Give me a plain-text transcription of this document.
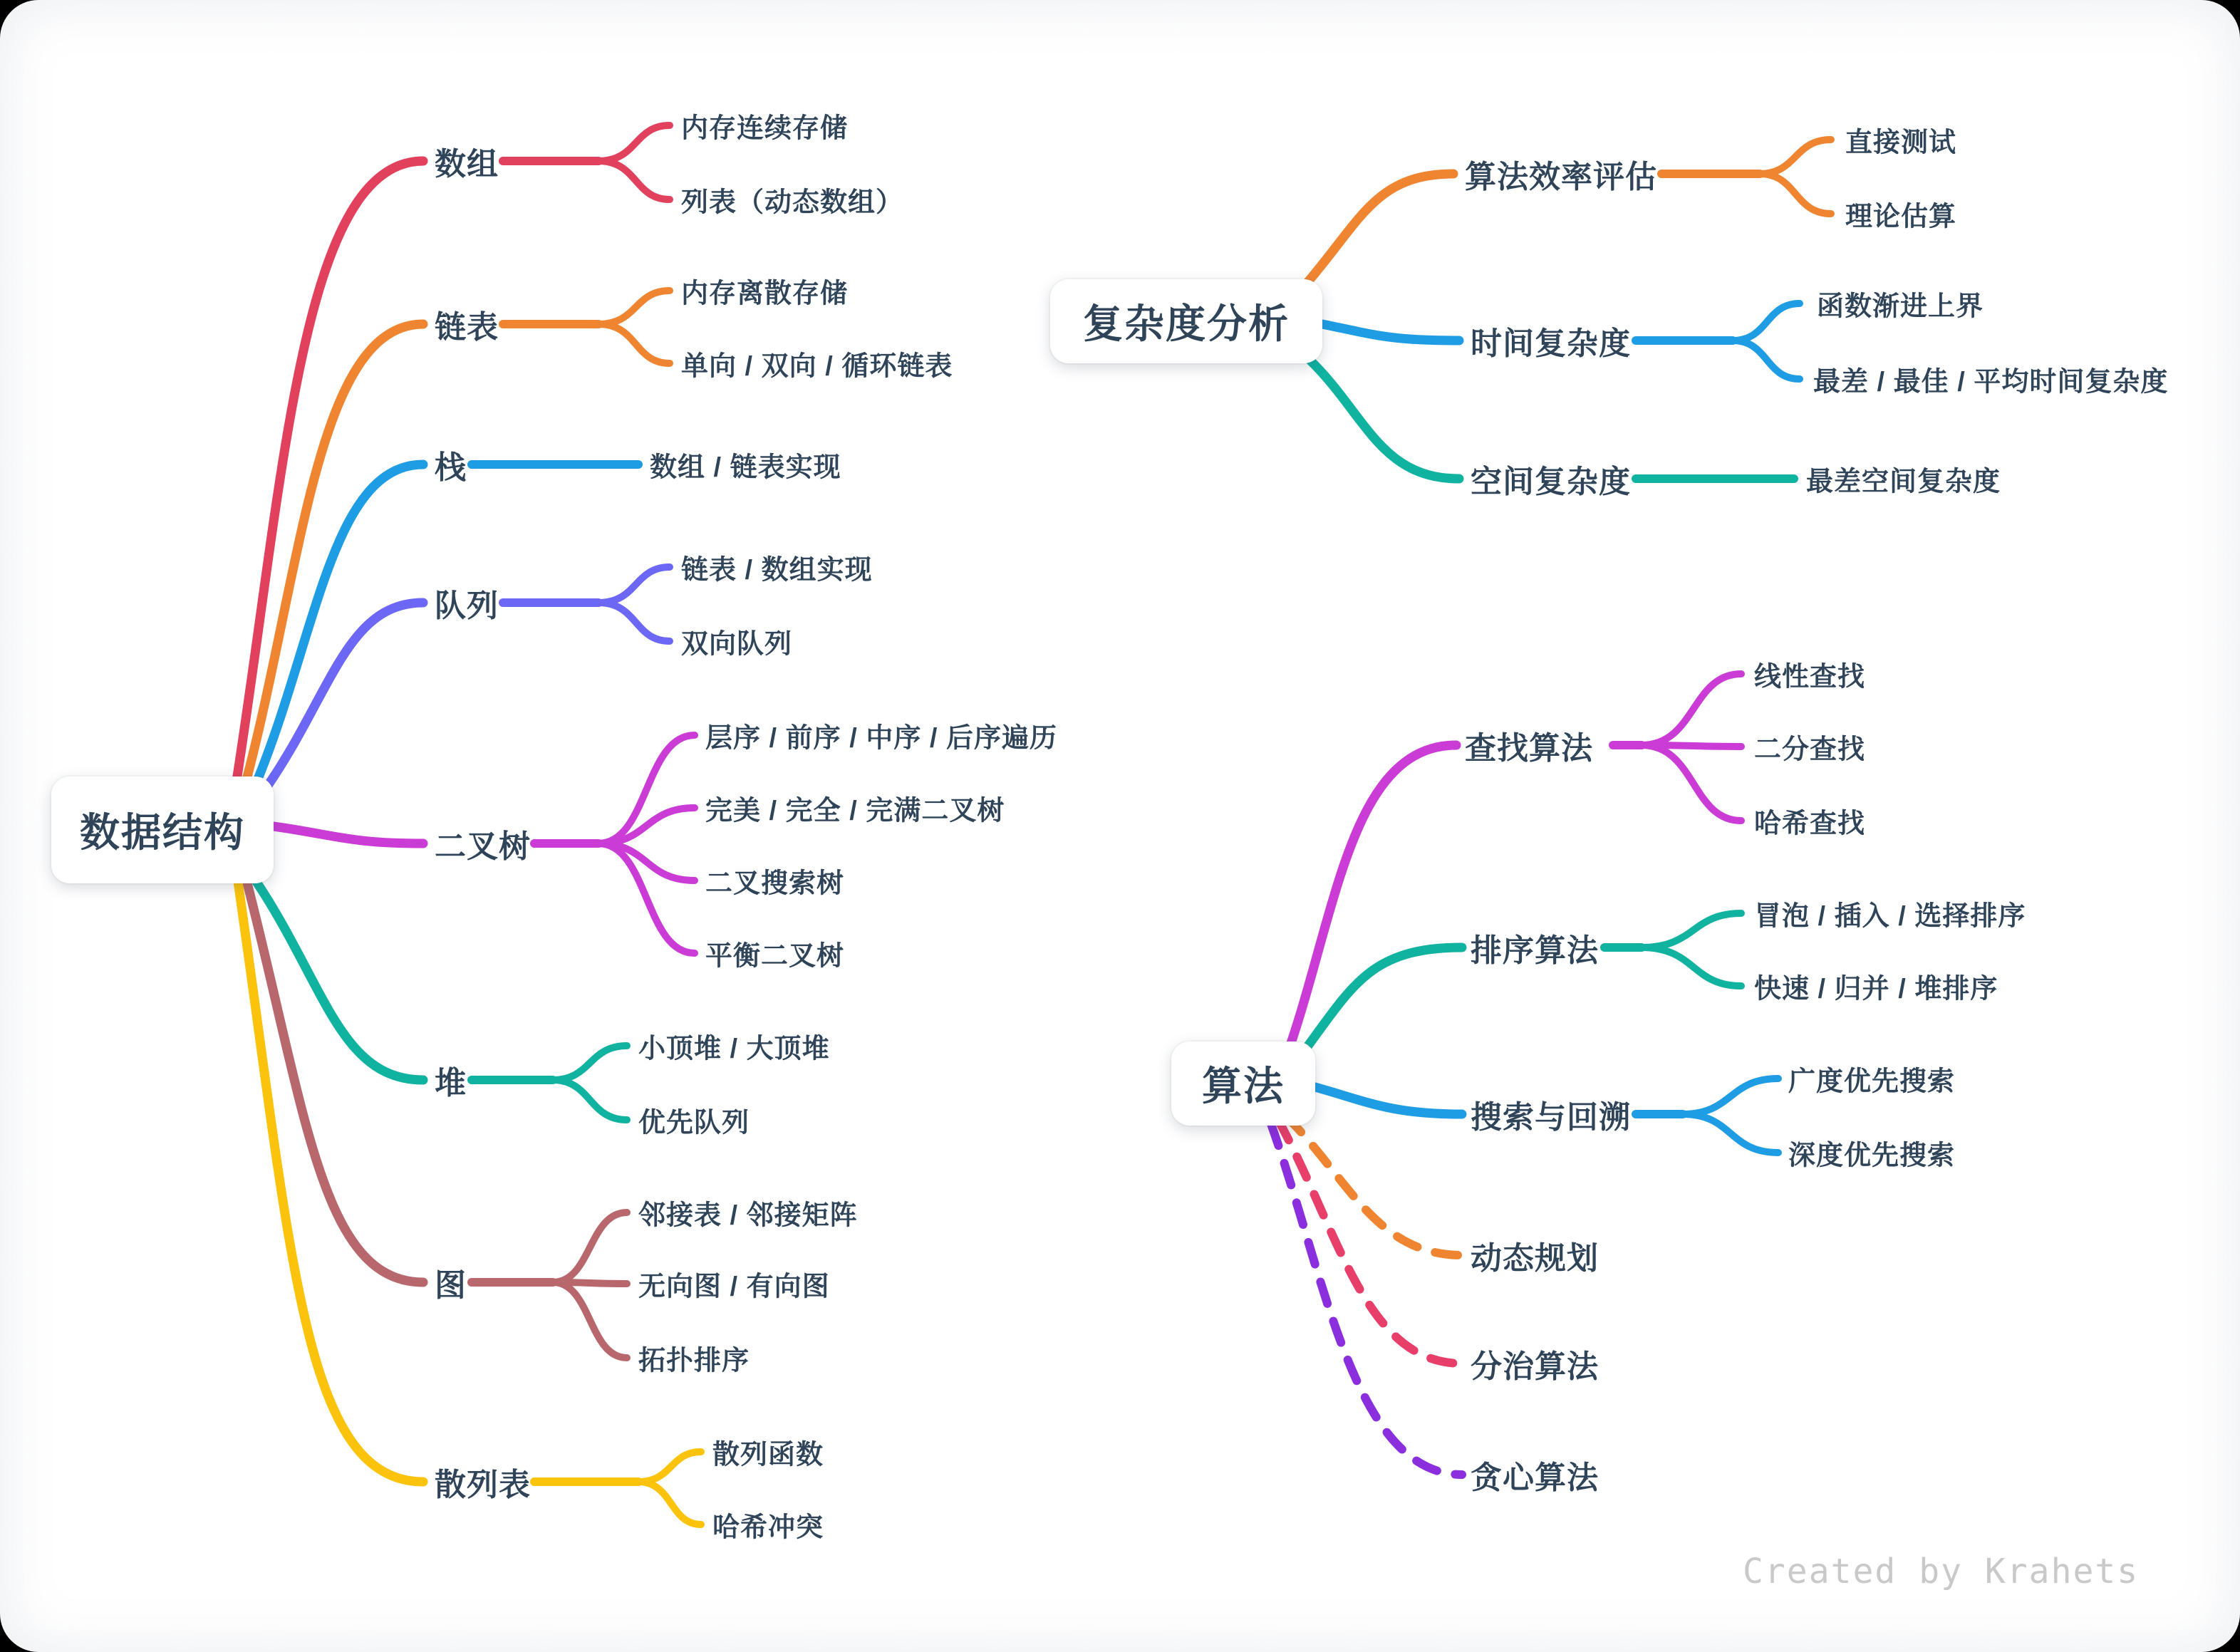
数据结构
复杂度分析
算法
数组
链表
栈
队列
二叉树
堆
图
散列表
内存连续存储
列表（动态数组）
内存离散存储
单向 / 双向 / 循环链表
数组 / 链表实现
链表 / 数组实现
双向队列
层序 / 前序 / 中序 / 后序遍历
完美 / 完全 / 完满二叉树
二叉搜索树
平衡二叉树
小顶堆 / 大顶堆
优先队列
邻接表 / 邻接矩阵
无向图 / 有向图
拓扑排序
散列函数
哈希冲突
算法效率评估
时间复杂度
空间复杂度
直接测试
理论估算
函数渐进上界
最差 / 最佳 / 平均时间复杂度
最差空间复杂度
查找算法
排序算法
搜索与回溯
线性查找
二分查找
哈希查找
冒泡 / 插入 / 选择排序
快速 / 归并 / 堆排序
广度优先搜索
深度优先搜索
动态规划
分治算法
贪心算法
Created by Krahets
